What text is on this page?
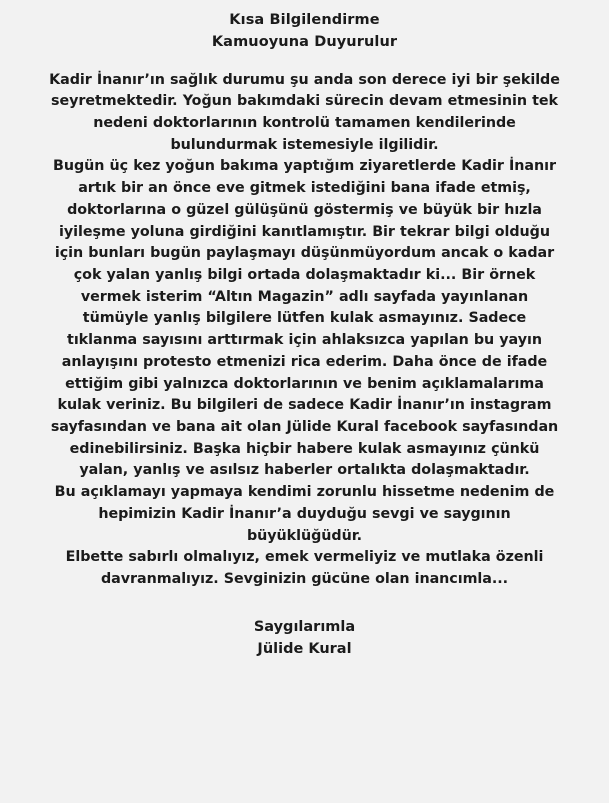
Kısa Bilgilendirme
Kamuoyuna Duyurulur

Kadir İnanır’ın sağlık durumu şu anda son derece iyi bir şekilde seyretmektedir. Yoğun bakımdaki sürecin devam etmesinin tek nedeni doktorlarının kontrolü tamamen kendilerinde bulundurmak istemesiyle ilgilidir.

Bugün üç kez yoğun bakıma yaptığım ziyaretlerde Kadir İnanır artık bir an önce eve gitmek istediğini bana ifade etmiş, doktorlarına o güzel gülüşünü göstermiş ve büyük bir hızla iyileşme yoluna girdiğini kanıtlamıştır. Bir tekrar bilgi olduğu için bunları bugün paylaşmayı düşünmüyordum ancak o kadar çok yalan yanlış bilgi ortada dolaşmaktadır ki... Bir örnek vermek isterim “Altın Magazin” adlı sayfada yayınlanan tümüyle yanlış bilgilere lütfen kulak asmayınız. Sadece tıklanma sayısını arttırmak için ahlaksızca yapılan bu yayın anlayışını protesto etmenizi rica ederim. Daha önce de ifade ettiğim gibi yalnızca doktorlarının ve benim açıklamalarıma kulak veriniz. Bu bilgileri de sadece Kadir İnanır’ın instagram sayfasından ve bana ait olan Jülide Kural facebook sayfasından edinebilirsiniz. Başka hiçbir habere kulak asmayınız çünkü yalan, yanlış ve asılsız haberler ortalıkta dolaşmaktadır.

Bu açıklamayı yapmaya kendimi zorunlu hissetme nedenim de hepimizin Kadir İnanır’a duyduğu sevgi ve saygının büyüklüğüdür.

Elbette sabırlı olmalıyız, emek vermeliyiz ve mutlaka özenli davranmalıyız. Sevginizin gücüne olan inancımla...

Saygılarımla
Jülide Kural
